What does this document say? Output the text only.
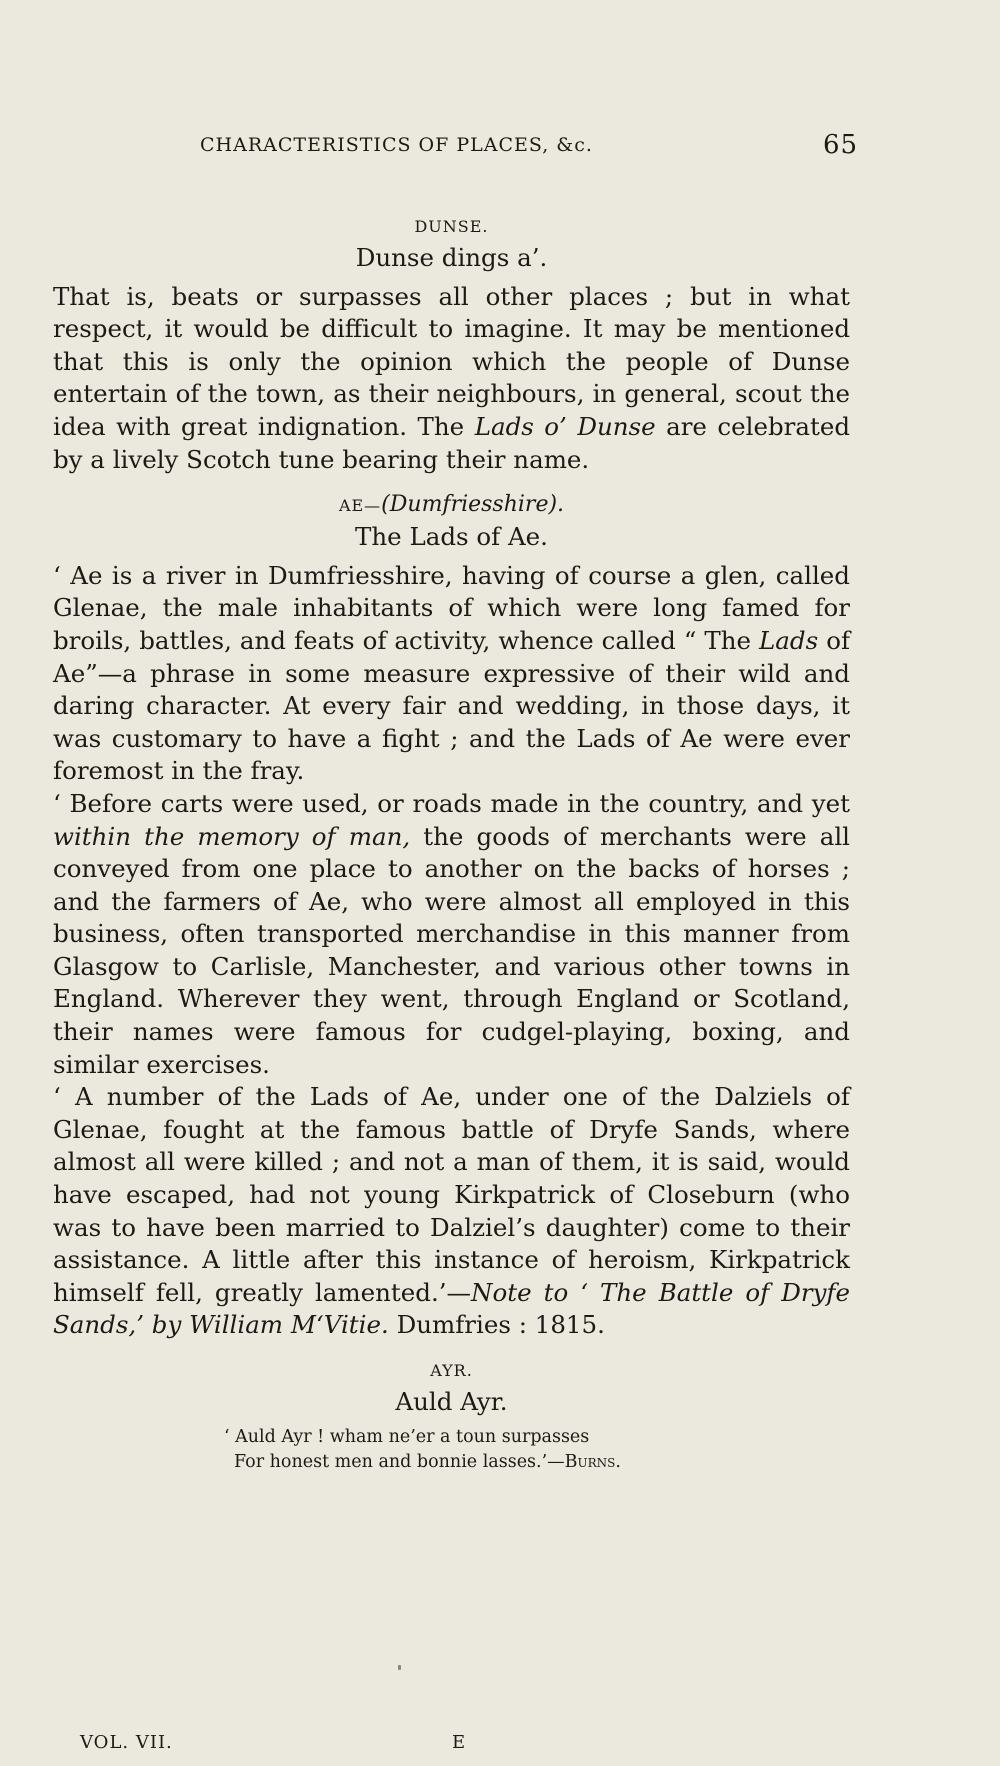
CHARACTERISTICS OF PLACES, &c.	65

DUNSE.

Dunse dings a’.

That is, beats or surpasses all other places ; but in what respect, it would be difficult to imagine. It may be mentioned that this is only the opinion which the people of Dunse entertain of the town, as their neighbours, in general, scout the idea with great indignation. The Lads o’ Dunse are celebrated by a lively Scotch tune bearing their name.

AE—(Dumfriesshire).

The Lads of Ae.

‘ Ae is a river in Dumfriesshire, having of course a glen, called Glenae, the male inhabitants of which were long famed for broils, battles, and feats of activity, whence called “ The Lads of Ae”—a phrase in some measure expressive of their wild and daring character. At every fair and wedding, in those days, it was customary to have a fight ; and the Lads of Ae were ever foremost in the fray.

‘ Before carts were used, or roads made in the country, and yet within the memory of man, the goods of merchants were all conveyed from one place to another on the backs of horses ; and the farmers of Ae, who were almost all employed in this business, often transported merchandise in this manner from Glasgow to Carlisle, Manchester, and various other towns in England. Wherever they went, through England or Scotland, their names were famous for cudgel-playing, boxing, and similar exercises.

‘ A number of the Lads of Ae, under one of the Dalziels of Glenae, fought at the famous battle of Dryfe Sands, where almost all were killed ; and not a man of them, it is said, would have escaped, had not young Kirkpatrick of Closeburn (who was to have been married to Dalziel’s daughter) come to their assistance. A little after this instance of heroism, Kirkpatrick himself fell, greatly lamented.’—Note to ‘ The Battle of Dryfe Sands,’ by William M‘Vitie. Dumfries : 1815.

AYR.

Auld Ayr.

‘ Auld Ayr ! wham ne’er a toun surpasses
For honest men and bonnie lasses.’—Burns.
VOL. VII.	E
